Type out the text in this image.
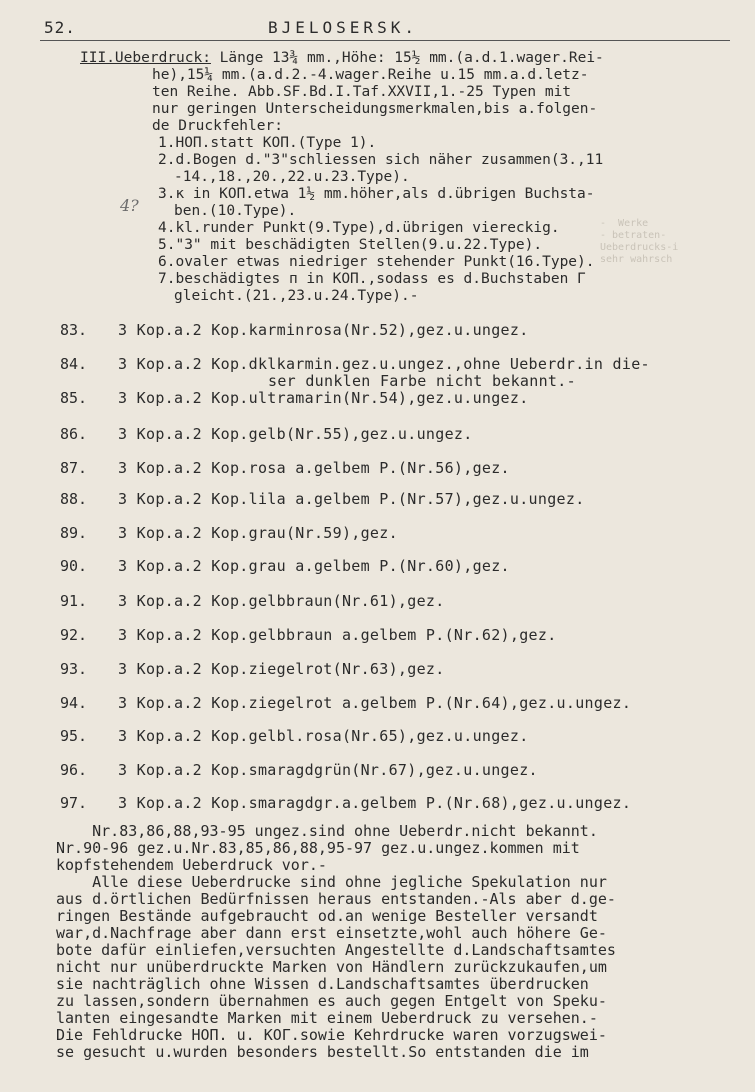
52.	BJELOSERSK.
-  Werke
- betraten-
Ueberdrucks-i
sehr wahrsch
III.Ueberdruck: Länge 13¾ mm.,Höhe: 15½ mm.(a.d.1.wager.Rei-
he),15¼ mm.(a.d.2.-4.wager.Reihe u.15 mm.a.d.letz-
ten Reihe. Abb.SF.Bd.I.Taf.XXVII,1.-25 Typen mit
nur geringen Unterscheidungsmerkmalen,bis a.folgen-
de Druckfehler:
1.НОП.statt КОП.(Type 1).
2.d.Bogen d."3"schliessen sich näher zusammen(3.,11
-14.,18.,20.,22.u.23.Type).
3.к in КОП.etwa 1½ mm.höher,als d.übrigen Buchsta-
ben.(10.Type).
4.kl.runder Punkt(9.Type),d.übrigen viereckig.
5."3" mit beschädigten Stellen(9.u.22.Type).
6.ovaler etwas niedriger stehender Punkt(16.Type).
7.beschädigtes п in КОП.,sodass es d.Buchstaben Г
gleicht.(21.,23.u.24.Type).-
4?
83. 3 Kop.a.2 Kop.karminrosa(Nr.52),gez.u.ungez.
84. 3 Kop.a.2 Kop.dklkarmin.gez.u.ungez.,ohne Ueberdr.in die-
ser dunklen Farbe nicht bekannt.-
85. 3 Kop.a.2 Kop.ultramarin(Nr.54),gez.u.ungez.
86. 3 Kop.a.2 Kop.gelb(Nr.55),gez.u.ungez.
87. 3 Kop.a.2 Kop.rosa a.gelbem P.(Nr.56),gez.
88. 3 Kop.a.2 Kop.lila a.gelbem P.(Nr.57),gez.u.ungez.
89. 3 Kop.a.2 Kop.grau(Nr.59),gez.
90. 3 Kop.a.2 Kop.grau a.gelbem P.(Nr.60),gez.
91. 3 Kop.a.2 Kop.gelbbraun(Nr.61),gez.
92. 3 Kop.a.2 Kop.gelbbraun a.gelbem P.(Nr.62),gez.
93. 3 Kop.a.2 Kop.ziegelrot(Nr.63),gez.
94. 3 Kop.a.2 Kop.ziegelrot a.gelbem P.(Nr.64),gez.u.ungez.
95. 3 Kop.a.2 Kop.gelbl.rosa(Nr.65),gez.u.ungez.
96. 3 Kop.a.2 Kop.smaragdgrün(Nr.67),gez.u.ungez.
97. 3 Kop.a.2 Kop.smaragdgr.a.gelbem P.(Nr.68),gez.u.ungez.
Nr.83,86,88,93-95 ungez.sind ohne Ueberdr.nicht bekannt.
Nr.90-96 gez.u.Nr.83,85,86,88,95-97 gez.u.ungez.kommen mit
kopfstehendem Ueberdruck vor.-
Alle diese Ueberdrucke sind ohne jegliche Spekulation nur
aus d.örtlichen Bedürfnissen heraus entstanden.-Als aber d.ge-
ringen Bestände aufgebraucht od.an wenige Besteller versandt
war,d.Nachfrage aber dann erst einsetzte,wohl auch höhere Ge-
bote dafür einliefen,versuchten Angestellte d.Landschaftsamtes
nicht nur unüberdruckte Marken von Händlern zurückzukaufen,um
sie nachträglich ohne Wissen d.Landschaftsamtes überdrucken
zu lassen,sondern übernahmen es auch gegen Entgelt von Speku-
lanten eingesandte Marken mit einem Ueberdruck zu versehen.-
Die Fehldrucke НОП. u. КОГ.sowie Kehrdrucke waren vorzugswei-
se gesucht u.wurden besonders bestellt.So entstanden die im
